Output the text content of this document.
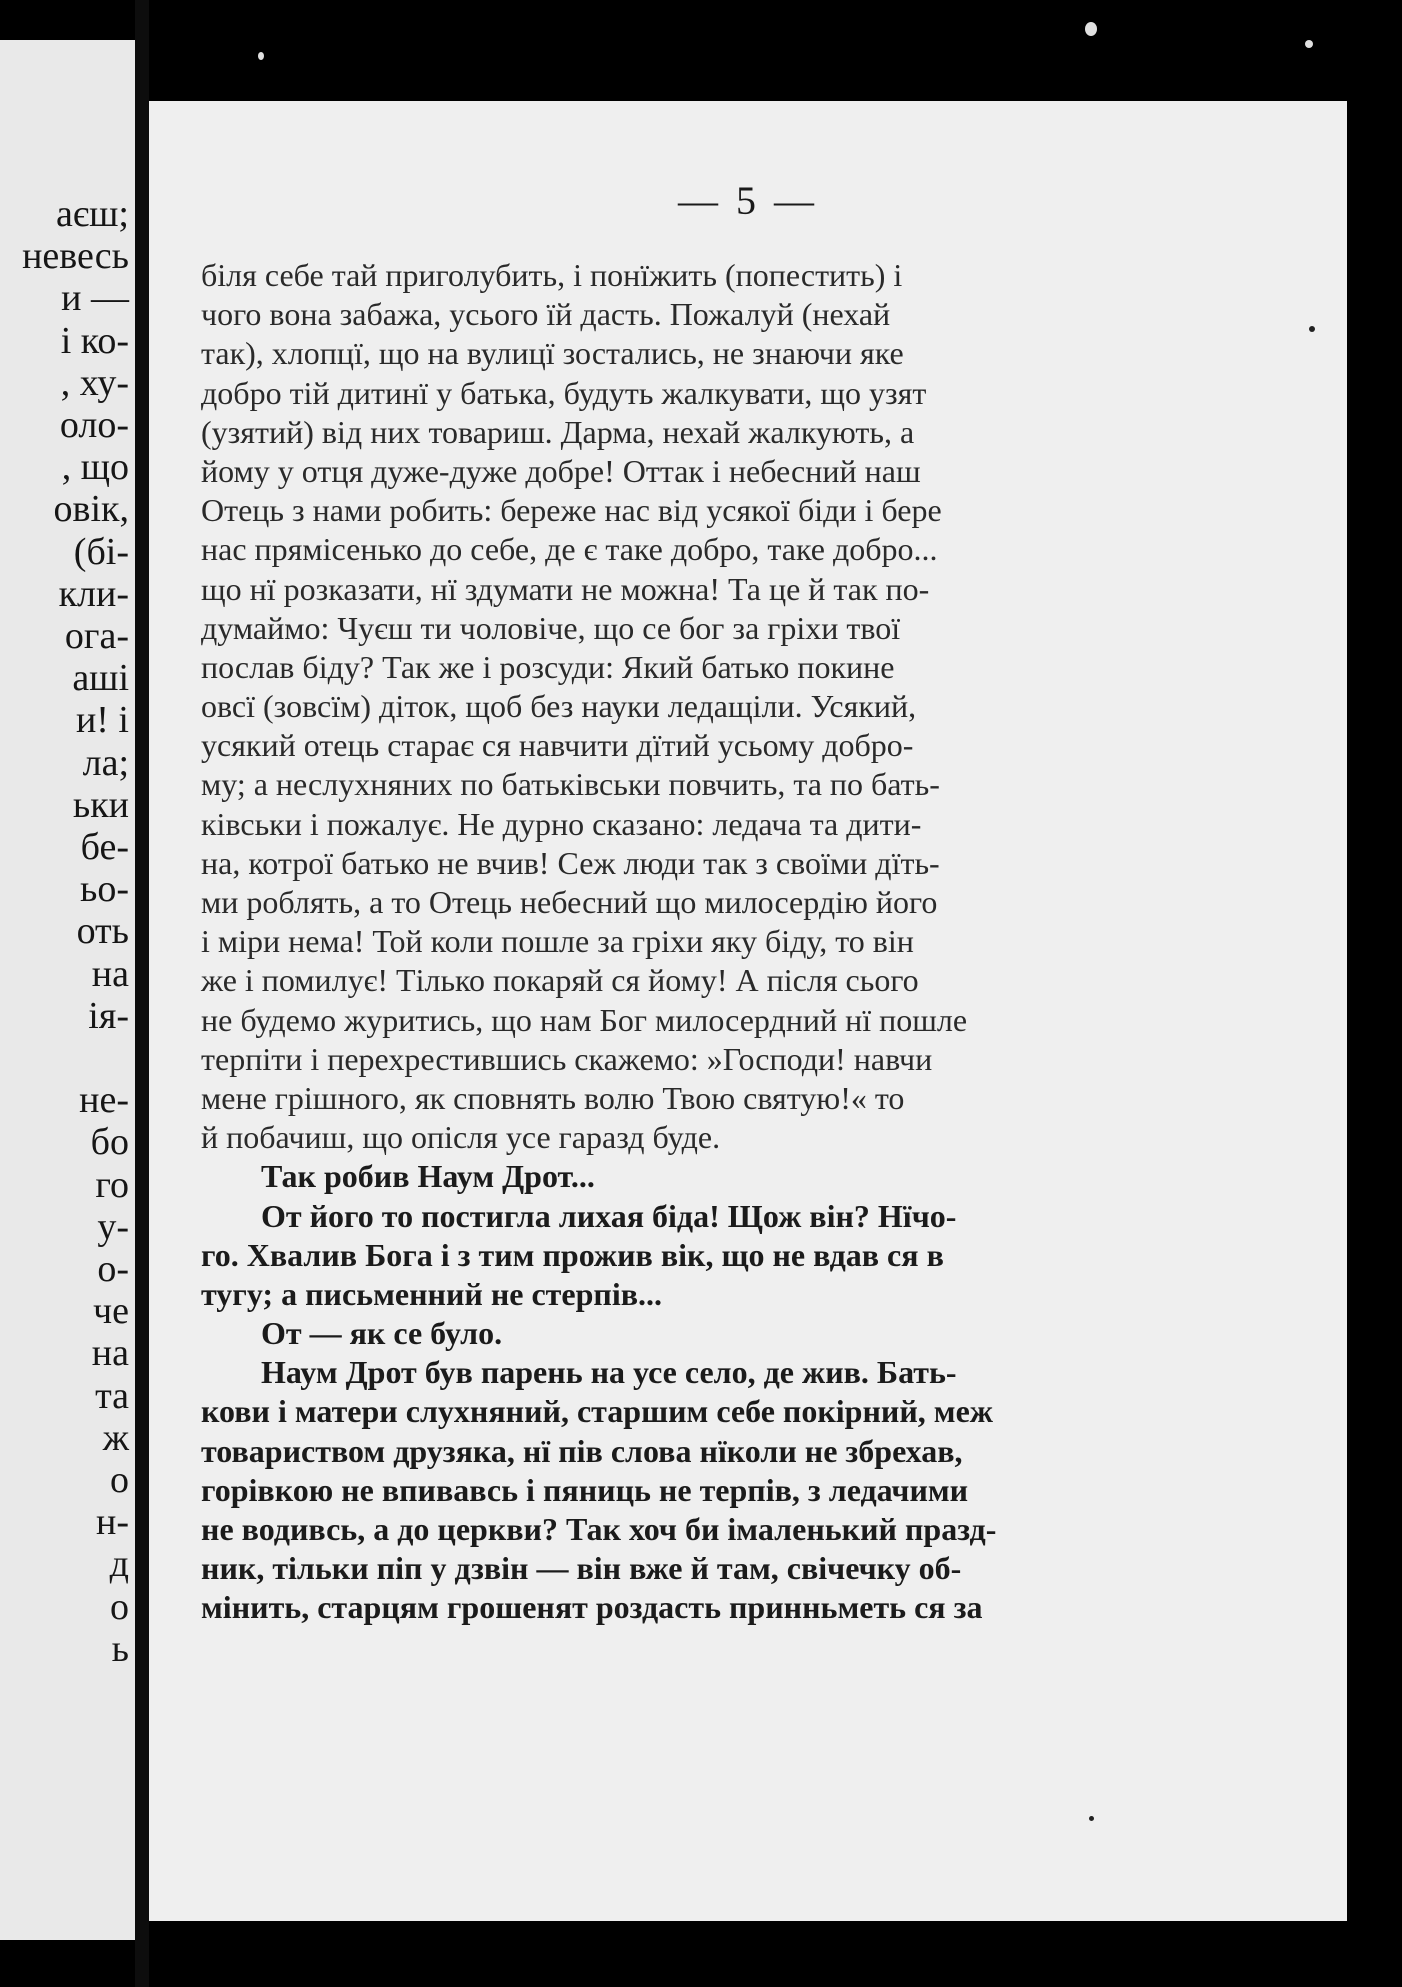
аєш;
невесь
и —
і ко-
, ху-
оло-
, що
овік,
(бі-
кли-
ога-
аші
и! і
ла;
ьки
бе-
ьо-
оть
на
ія-
не-
бо
го
у-
о-
че
на
та
ж
о
н-
д
о
ь
— 5 —
біля себе тай приголубить, і понїжить (попестить) і
чого вона забажа, усього їй дасть. Пожалуй (нехай
так), хлопцї, що на вулицї зостались, не знаючи яке
добро тій дитинї у батька, будуть жалкувати, що узят
(узятий) від них товариш. Дарма, нехай жалкують, а
йому у отця дуже-дуже добре! Оттак і небесний наш
Отець з нами робить: береже нас від усякої біди і бере
нас прямісенько до себе, де є таке добро, таке добро...
що нї розказати, нї здумати не можна! Та це й так по-
думаймо: Чуєш ти чоловіче, що се бог за гріхи твої
послав біду? Так же і розсуди: Який батько покине
овсї (зовсїм) діток, щоб без науки ледащіли. Усякий,
усякий отець старає ся навчити дїтий усьому добро-
му; а неслухняних по батьківськи повчить, та по бать-
ківськи і пожалує. Не дурно сказано: ледача та дити-
на, котрої батько не вчив! Сеж люди так з своїми дїть-
ми роблять, а то Отець небесний що милосердію його
і міри нема! Той коли пошле за гріхи яку біду, то він
же і помилує! Тілько покаряй ся йому! А після сього
не будемо журитись, що нам Бог милосердний нї пошле
терпіти і перехрестившись скажемо: »Господи! навчи
мене грішного, як сповнять волю Твою святую!« то
й побачиш, що опісля усе гаразд буде.
Так робив Наум Дрот...
От його то постигла лихая біда! Щож він? Нїчо-
го. Хвалив Бога і з тим прожив вік, що не вдав ся в
тугу; а письменний не стерпів...
От — як се було.
Наум Дрот був парень на усе село, де жив. Бать-
кови і матери слухняний, старшим себе покірний, меж
товариством друзяка, нї пів слова нїколи не збрехав,
горівкою не впивавсь і пяниць не терпів, з ледачими
не водивсь, а до церкви? Так хоч би імаленький празд-
ник, тільки піп у дзвін — він вже й там, свічечку об-
мінить, старцям грошенят роздасть принньметь ся за
